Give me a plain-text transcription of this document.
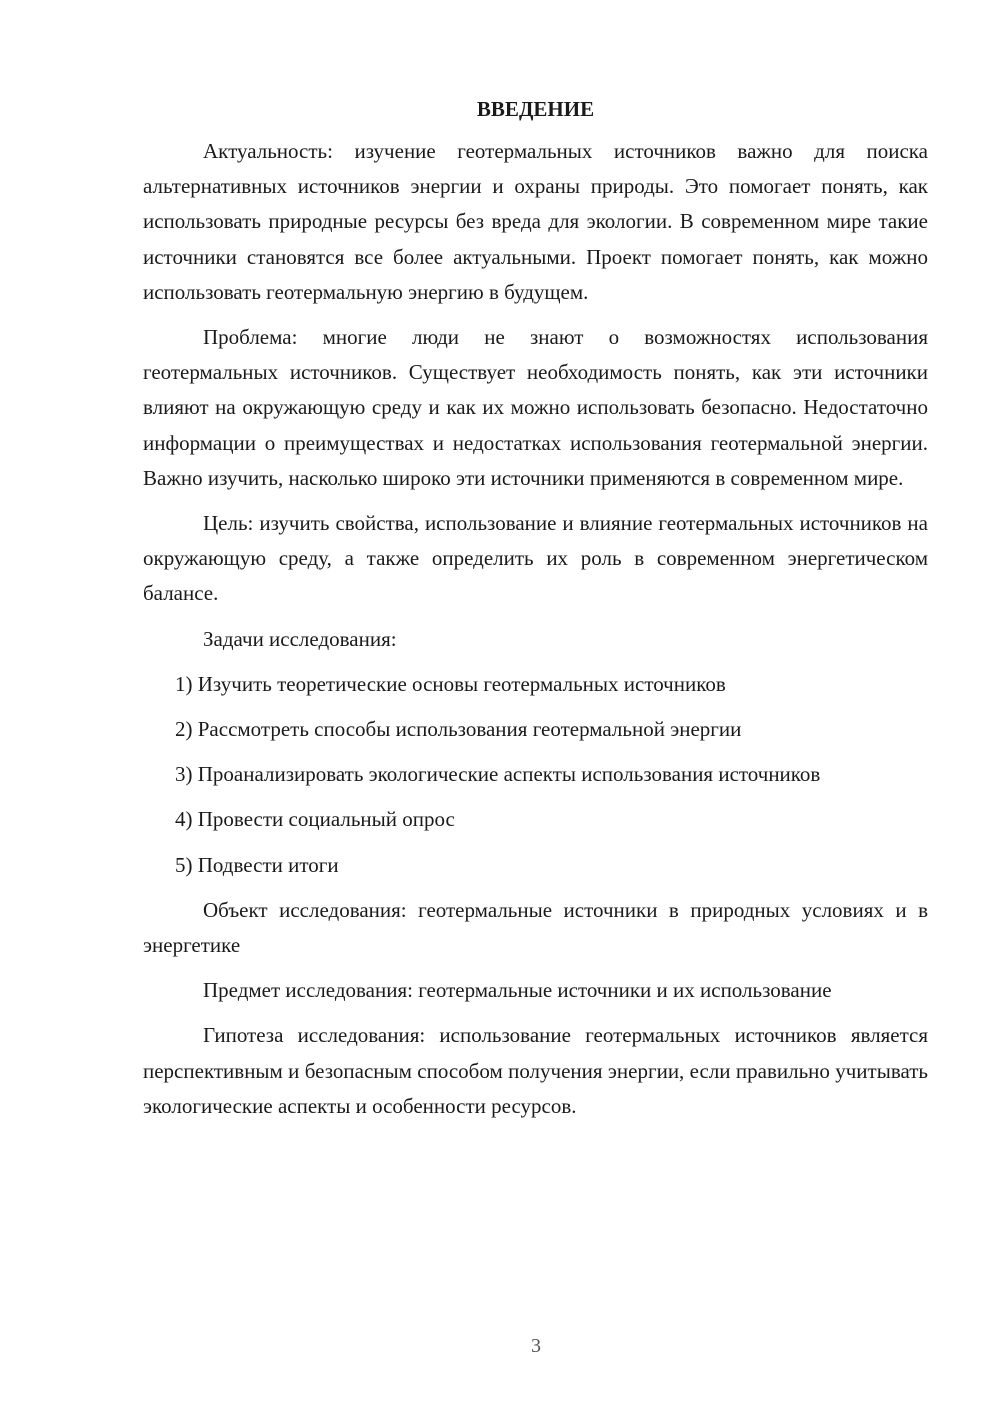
ВВЕДЕНИЕ

Актуальность: изучение геотермальных источников важно для поиска альтернативных источников энергии и охраны природы. Это помогает понять, как использовать природные ресурсы без вреда для экологии. В современном мире такие источники становятся все более актуальными. Проект помогает понять, как можно использовать геотермальную энергию в будущем.

Проблема: многие люди не знают о возможностях использования геотермальных источников. Существует необходимость понять, как эти источники влияют на окружающую среду и как их можно использовать безопасно. Недостаточно информации о преимуществах и недостатках использования геотермальной энергии. Важно изучить, насколько широко эти источники применяются в современном мире.

Цель: изучить свойства, использование и влияние геотермальных источников на окружающую среду, а также определить их роль в современном энергетическом балансе.

Задачи исследования:

1) Изучить теоретические основы геотермальных источников

2) Рассмотреть способы использования геотермальной энергии

3) Проанализировать экологические аспекты использования источников

4) Провести социальный опрос

5) Подвести итоги

Объект исследования: геотермальные источники в природных условиях и в энергетике

Предмет исследования: геотермальные источники и их использование

Гипотеза исследования: использование геотермальных источников является перспективным и безопасным способом получения энергии, если правильно учитывать экологические аспекты и особенности ресурсов.

3
